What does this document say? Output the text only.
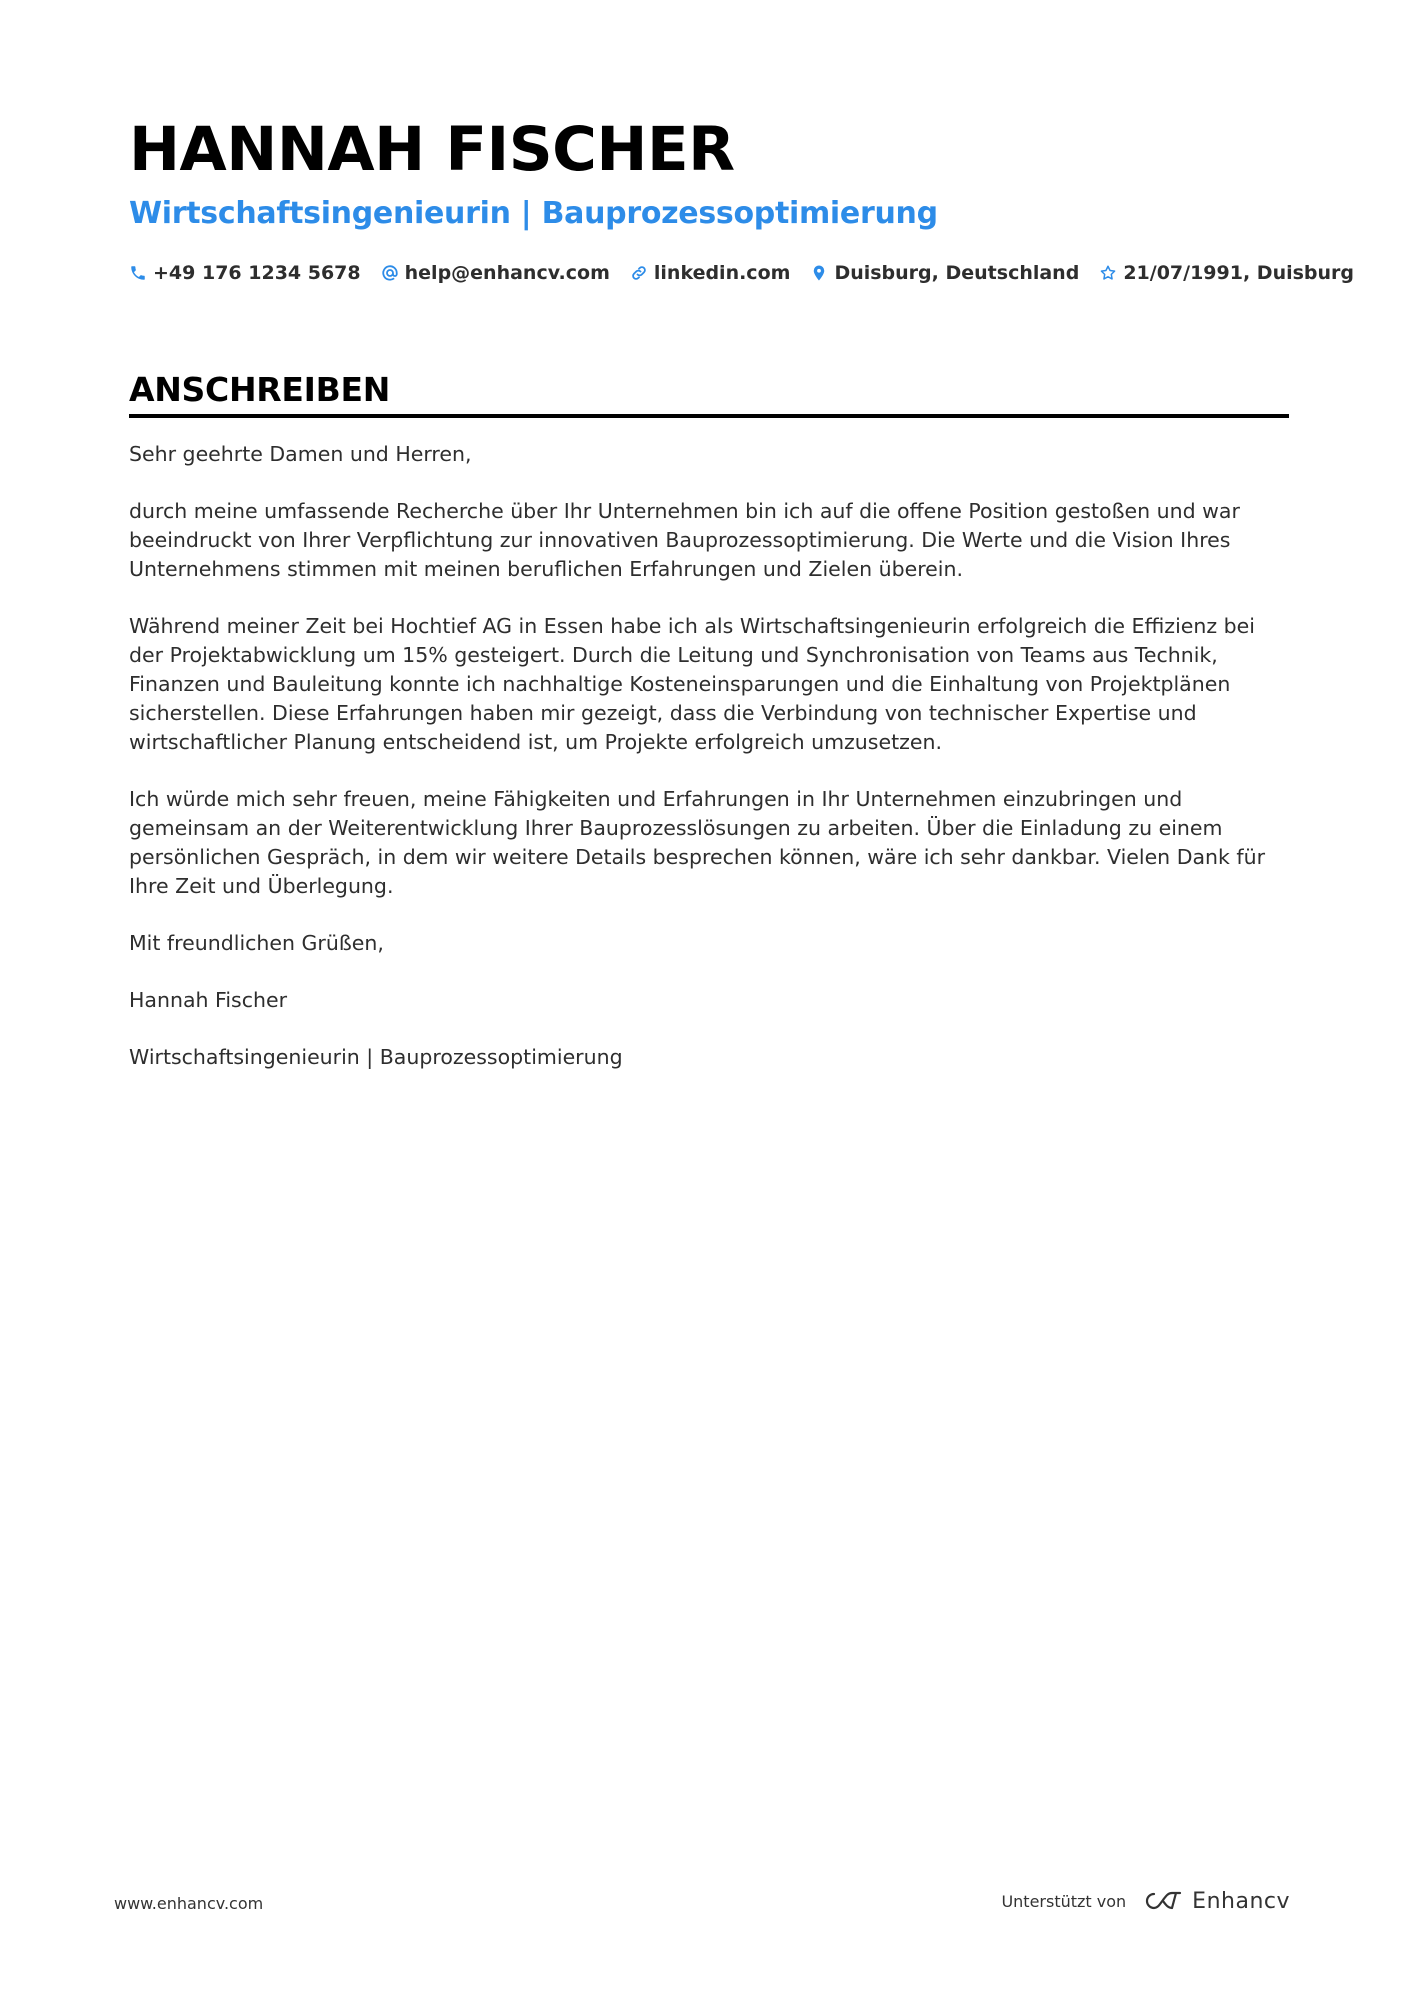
HANNAH FISCHER
Wirtschaftsingenieurin | Bauprozessoptimierung
+49 176 1234 5678 help@enhancv.com linkedin.com Duisburg, Deutschland 21/07/1991, Duisburg
ANSCHREIBEN

Sehr geehrte Damen und Herren,

durch meine umfassende Recherche über Ihr Unternehmen bin ich auf die offene Position gestoßen und war beeindruckt von Ihrer Verpflichtung zur innovativen Bauprozessoptimierung. Die Werte und die Vision Ihres Unternehmens stimmen mit meinen beruflichen Erfahrungen und Zielen überein.

Während meiner Zeit bei Hochtief AG in Essen habe ich als Wirtschaftsingenieurin erfolgreich die Effizienz bei der Projektabwicklung um 15% gesteigert. Durch die Leitung und Synchronisation von Teams aus Technik, Finanzen und Bauleitung konnte ich nachhaltige Kosteneinsparungen und die Einhaltung von Projektplänen sicherstellen. Diese Erfahrungen haben mir gezeigt, dass die Verbindung von technischer Expertise und wirtschaftlicher Planung entscheidend ist, um Projekte erfolgreich umzusetzen.

Ich würde mich sehr freuen, meine Fähigkeiten und Erfahrungen in Ihr Unternehmen einzubringen und gemeinsam an der Weiterentwicklung Ihrer Bauprozesslösungen zu arbeiten. Über die Einladung zu einem persönlichen Gespräch, in dem wir weitere Details besprechen können, wäre ich sehr dankbar. Vielen Dank für Ihre Zeit und Überlegung.

Mit freundlichen Grüßen,

Hannah Fischer

Wirtschaftsingenieurin | Bauprozessoptimierung

www.enhancv.com	Unterstützt von	Enhancv
